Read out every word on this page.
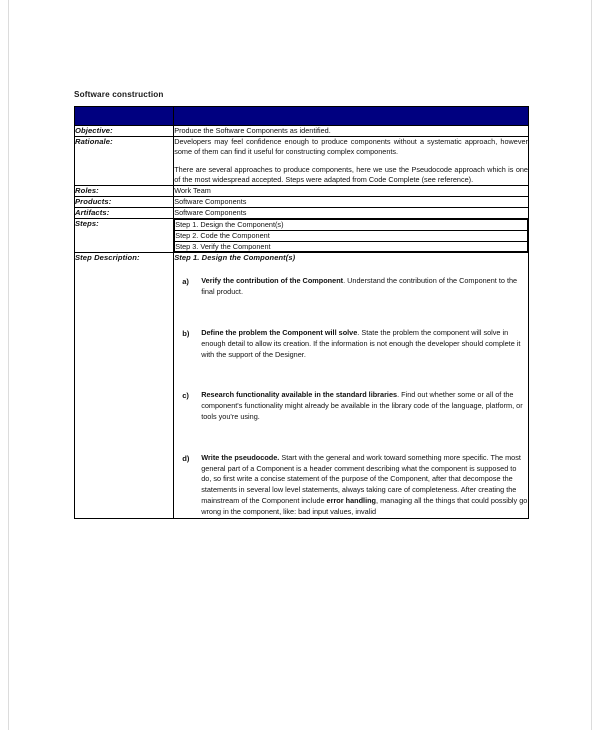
Software construction

Objective:	Produce the Software Components as identified.
Rationale:	Developers may feel confidence enough to produce components without a systematic approach, however some of them can find it useful for constructing complex components.

There are several approaches to produce components, here we use the Pseudocode approach which is one of the most widespread accepted. Steps were adapted from Code Complete (see reference).

Roles:	Work Team
Products:	Software Components
Artifacts:	Software Components
Steps:		Step 1. Design the Component(s)
Step 2. Code the Component
Step 3. Verify the Component

Step Description:	Step 1. Design the Component(s)
a) Verify the contribution of the Component. Understand the contribution of the Component to the final product.
b) Define the problem the Component will solve. State the problem the component will solve in enough detail to allow its creation. If the information is not enough the developer should complete it with the support of the Designer.
c) Research functionality available in the standard libraries. Find out whether some or all of the component's functionality might already be available in the library code of the language, platform, or tools you're using.
d) Write the pseudocode. Start with the general and work toward something more specific. The most general part of a Component is a header comment describing what the component is supposed to do, so first write a concise statement of the purpose of the Component, after that decompose the statements in several low level statements, always taking care of completeness. After creating the mainstream of the Component include error handling, managing all the things that could possibly go wrong in the component, like: bad input values, invalid
